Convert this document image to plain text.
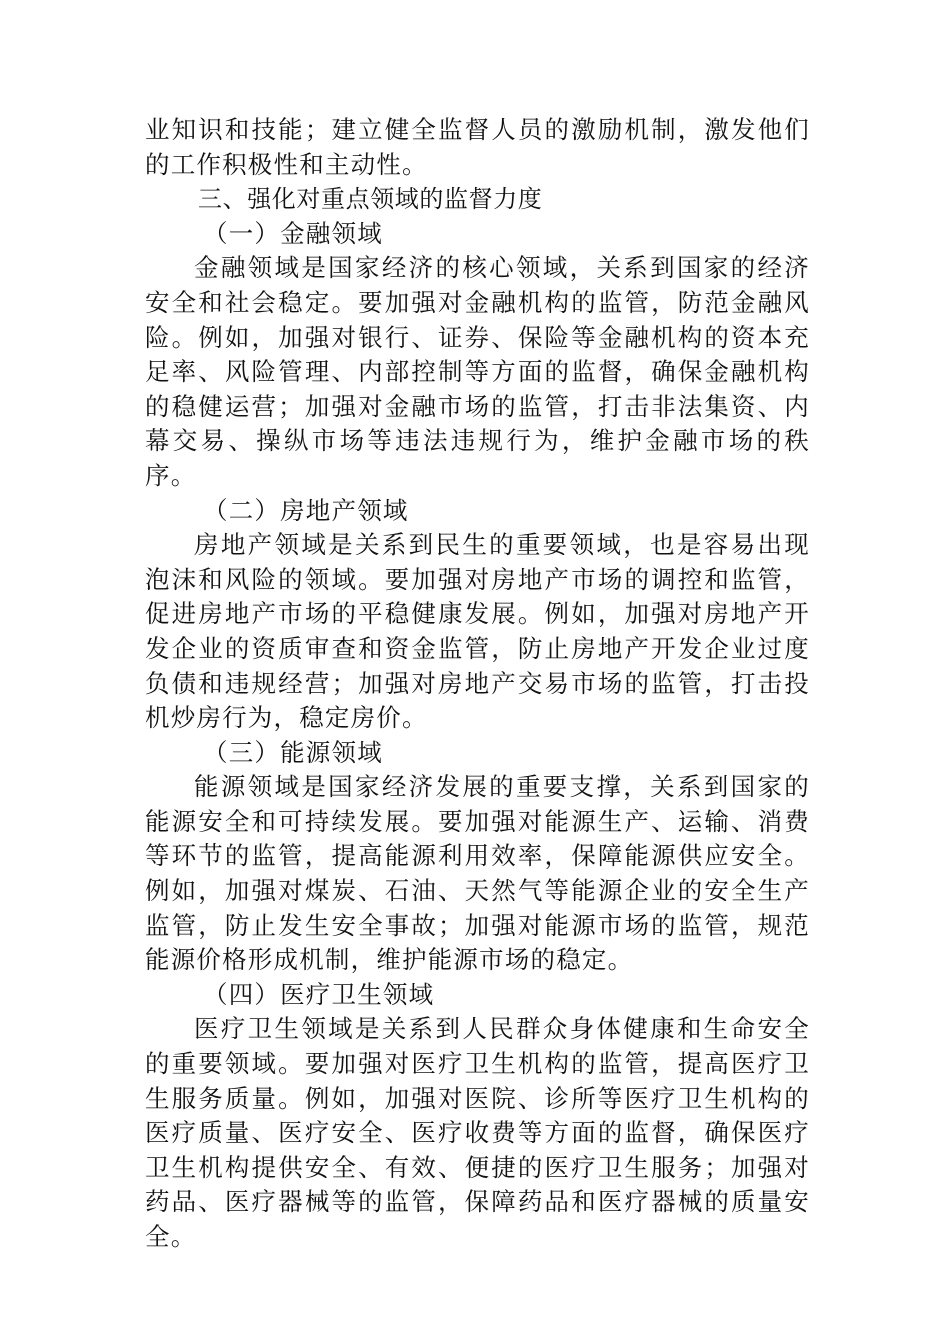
业知识和技能；建立健全监督人员的激励机制，激发他们的工作积极性和主动性。

三、强化对重点领域的监督力度

（一）金融领域

金融领域是国家经济的核心领域，关系到国家的经济安全和社会稳定。要加强对金融机构的监管，防范金融风险。例如，加强对银行、证券、保险等金融机构的资本充足率、风险管理、内部控制等方面的监督，确保金融机构的稳健运营；加强对金融市场的监管，打击非法集资、内幕交易、操纵市场等违法违规行为，维护金融市场的秩序。

（二）房地产领域

房地产领域是关系到民生的重要领域，也是容易出现泡沫和风险的领域。要加强对房地产市场的调控和监管，促进房地产市场的平稳健康发展。例如，加强对房地产开发企业的资质审查和资金监管，防止房地产开发企业过度负债和违规经营；加强对房地产交易市场的监管，打击投机炒房行为，稳定房价。

（三）能源领域

能源领域是国家经济发展的重要支撑，关系到国家的能源安全和可持续发展。要加强对能源生产、运输、消费等环节的监管，提高能源利用效率，保障能源供应安全。例如，加强对煤炭、石油、天然气等能源企业的安全生产监管，防止发生安全事故；加强对能源市场的监管，规范能源价格形成机制，维护能源市场的稳定。

（四）医疗卫生领域

医疗卫生领域是关系到人民群众身体健康和生命安全的重要领域。要加强对医疗卫生机构的监管，提高医疗卫生服务质量。例如，加强对医院、诊所等医疗卫生机构的医疗质量、医疗安全、医疗收费等方面的监督，确保医疗卫生机构提供安全、有效、便捷的医疗卫生服务；加强对药品、医疗器械等的监管，保障药品和医疗器械的质量安全。
